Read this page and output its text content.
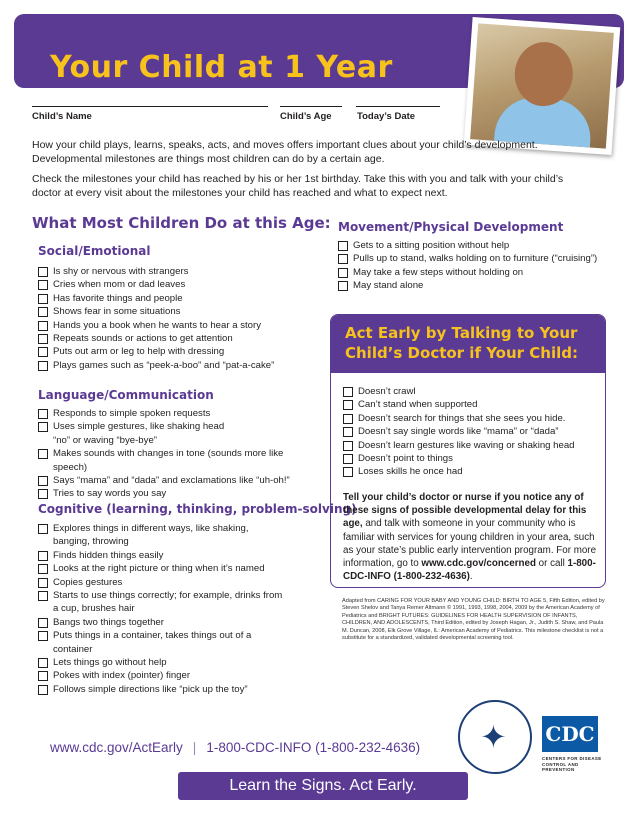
Your Child at 1 Year
Child’s Name	Child’s Age	Today’s Date

How your child plays, learns, speaks, acts, and moves offers important clues about your child’s development. Developmental milestones are things most children can do by a certain age.

Check the milestones your child has reached by his or her 1st birthday. Take this with you and talk with your child’s doctor at every visit about the milestones your child has reached and what to expect next.

What Most Children Do at this Age:
Social/Emotional
Is shy or nervous with strangers
Cries when mom or dad leaves
Has favorite things and people
Shows fear in some situations
Hands you a book when he wants to hear a story
Repeats sounds or actions to get attention
Puts out arm or leg to help with dressing
Plays games such as “peek-a-boo” and “pat-a-cake”
Language/Communication
Responds to simple spoken requests
Uses simple gestures, like shaking head “no” or waving “bye-bye”
Makes sounds with changes in tone (sounds more like speech)
Says “mama” and “dada” and exclamations like “uh-oh!”
Tries to say words you say
Cognitive (learning, thinking, problem-solving)
Explores things in different ways, like shaking, banging, throwing
Finds hidden things easily
Looks at the right picture or thing when it’s named
Copies gestures
Starts to use things correctly; for example, drinks from a cup, brushes hair
Bangs two things together
Puts things in a container, takes things out of a container
Lets things go without help
Pokes with index (pointer) finger
Follows simple directions like “pick up the toy”
Movement/Physical Development
Gets to a sitting position without help
Pulls up to stand, walks holding on to furniture (“cruising”)
May take a few steps without holding on
May stand alone
Act Early by Talking to Your Child’s Doctor if Your Child:
Doesn’t crawl
Can’t stand when supported
Doesn’t search for things that she sees you hide.
Doesn’t say single words like “mama” or “dada”
Doesn’t learn gestures like waving or shaking head
Doesn’t point to things
Loses skills he once had
Tell your child’s doctor or nurse if you notice any of these signs of possible developmental delay for this age, and talk with someone in your community who is familiar with services for young children in your area, such as your state’s public early intervention program. For more information, go to www.cdc.gov/concerned or call 1-800-CDC-INFO (1-800-232-4636).
Adapted from CARING FOR YOUR BABY AND YOUNG CHILD: BIRTH TO AGE 5, Fifth Edition, edited by Steven Shelov and Tanya Remer Altmann © 1991, 1993, 1998, 2004, 2009 by the American Academy of Pediatrics and BRIGHT FUTURES: GUIDELINES FOR HEALTH SUPERVISION OF INFANTS, CHILDREN, AND ADOLESCENTS, Third Edition, edited by Joseph Hagan, Jr., Judith S. Shaw, and Paula M. Duncan, 2008, Elk Grove Village, IL: American Academy of Pediatrics. This milestone checklist is not a substitute for a standardized, validated developmental screening tool.
✦ CDC
CENTERS FOR DISEASE CONTROL AND PREVENTION
www.cdc.gov/ActEarly | 1-800-CDC-INFO (1-800-232-4636)
Learn the Signs. Act Early.
